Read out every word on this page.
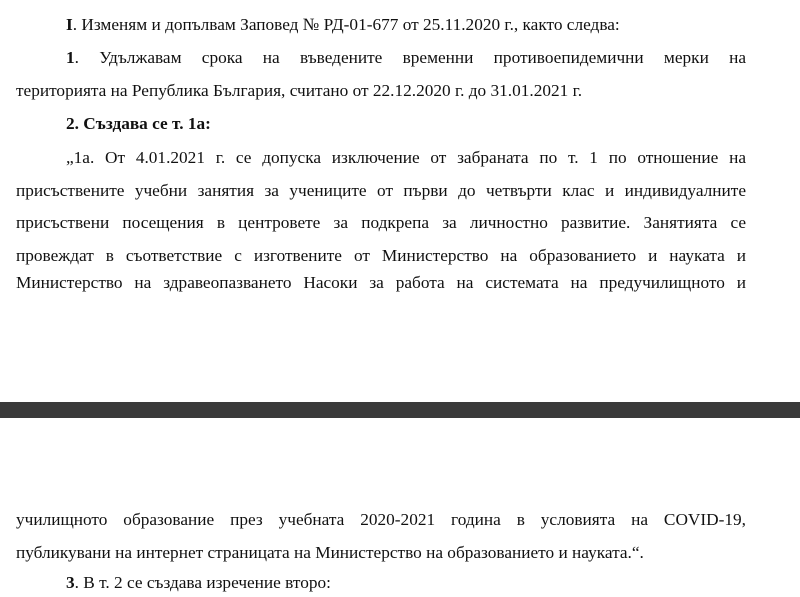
I. Изменям и допълвам Заповед № РД-01-677 от 25.11.2020 г., както следва:
1. Удължавам срока на въведените временни противоепидемични мерки на
територията на Република България, считано от 22.12.2020 г. до 31.01.2021 г.
2. Създава се т. 1а:
„1а. От 4.01.2021 г. се допуска изключение от забраната по т. 1 по отношение на
присъствените учебни занятия за учениците от първи до четвърти клас и индивидуалните
присъствени посещения в центровете за подкрепа за личностно развитие. Занятията се
провеждат в съответствие с изготвените от Министерство на образованието и науката и
Министерство на здравеопазването Насоки за работа на системата на предучилищното и
училищното образование през учебната 2020-2021 година в условията на COVID-19,
публикувани на интернет страницата на Министерство на образованието и науката.“.
3. В т. 2 се създава изречение второ:
